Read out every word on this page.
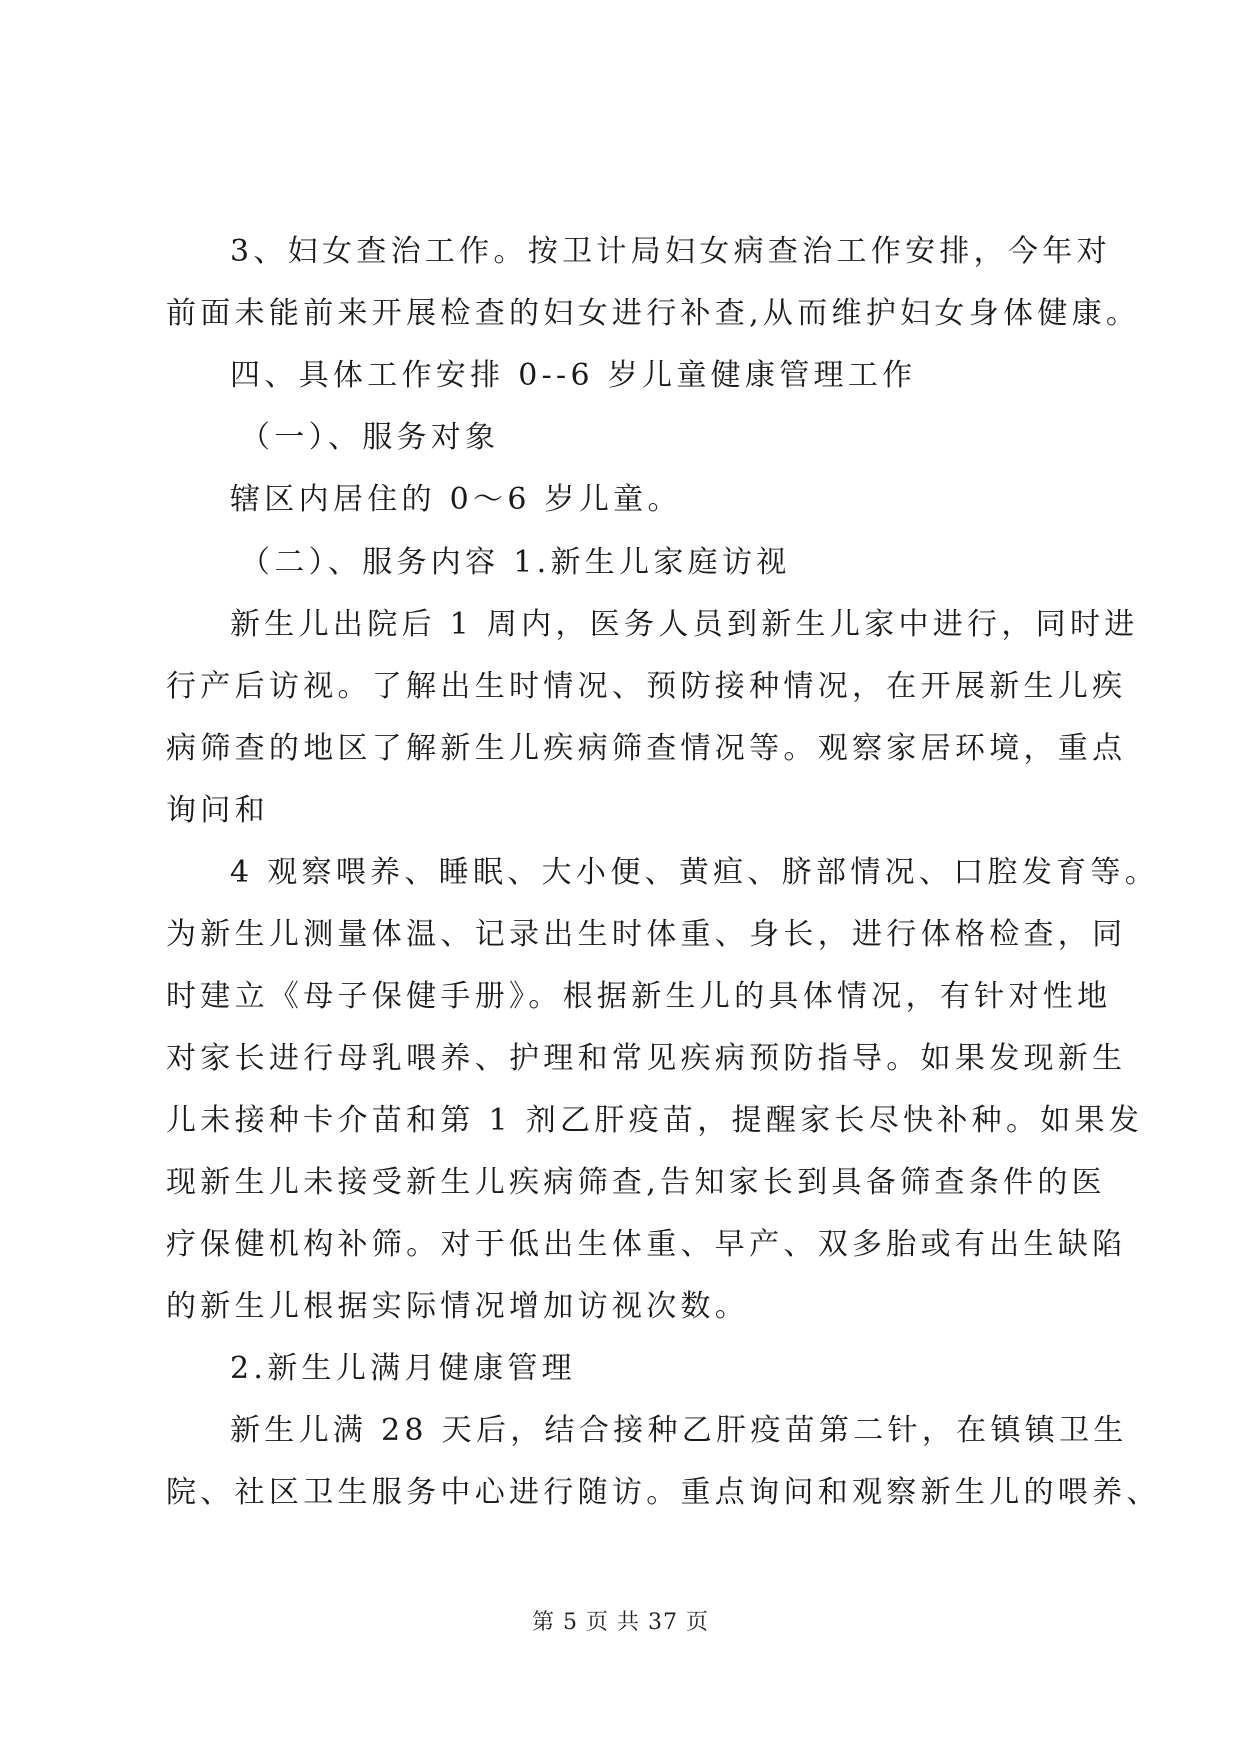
3、妇女查治工作。按卫计局妇女病查治工作安排，今年对
前面未能前来开展检查的妇女进行补查,从而维护妇女身体健康。
四、具体工作安排 0--6 岁儿童健康管理工作
（一）、服务对象
辖区内居住的 0～6 岁儿童。
（二）、服务内容 1.新生儿家庭访视
新生儿出院后 1 周内，医务人员到新生儿家中进行，同时进
行产后访视。了解出生时情况、预防接种情况，在开展新生儿疾
病筛查的地区了解新生儿疾病筛查情况等。观察家居环境，重点
询问和
4 观察喂养、睡眠、大小便、黄疸、脐部情况、口腔发育等。
为新生儿测量体温、记录出生时体重、身长，进行体格检查，同
时建立《母子保健手册》。根据新生儿的具体情况，有针对性地
对家长进行母乳喂养、护理和常见疾病预防指导。如果发现新生
儿未接种卡介苗和第 1 剂乙肝疫苗，提醒家长尽快补种。如果发
现新生儿未接受新生儿疾病筛查,告知家长到具备筛查条件的医
疗保健机构补筛。对于低出生体重、早产、双多胎或有出生缺陷
的新生儿根据实际情况增加访视次数。
2.新生儿满月健康管理
新生儿满 28 天后，结合接种乙肝疫苗第二针，在镇镇卫生
院、社区卫生服务中心进行随访。重点询问和观察新生儿的喂养、
第 5 页 共 37 页
